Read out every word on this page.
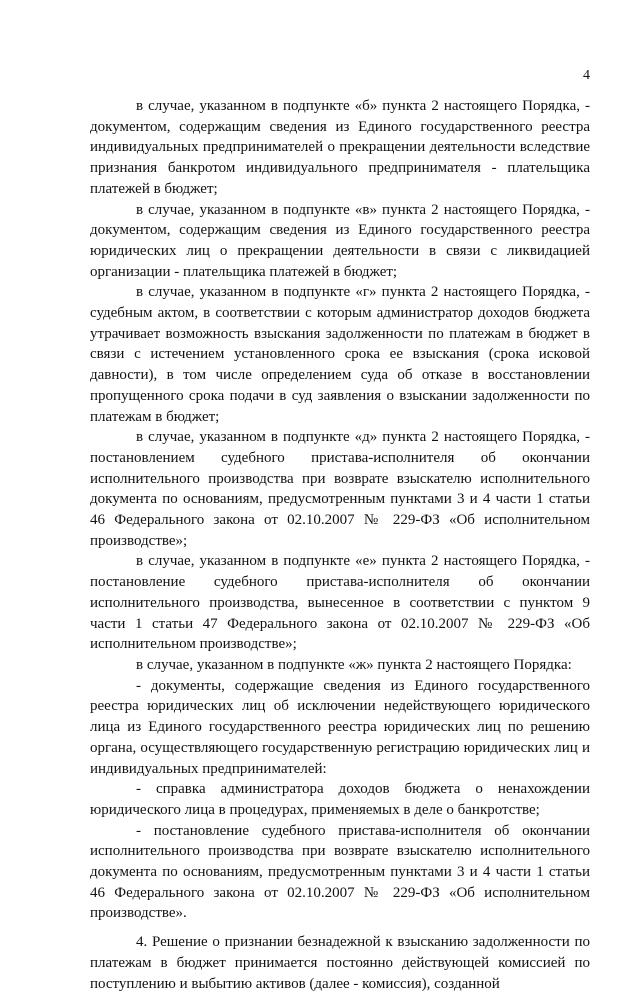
4

в случае, указанном в подпункте «б» пункта 2 настоящего Порядка, - документом, содержащим сведения из Единого государственного реестра индивидуальных предпринимателей о прекращении деятельности вследствие признания банкротом индивидуального предпринимателя - плательщика платежей в бюджет;

в случае, указанном в подпункте «в» пункта 2 настоящего Порядка, - документом, содержащим сведения из Единого государственного реестра юридических лиц о прекращении деятельности в связи с ликвидацией организации - плательщика платежей в бюджет;

в случае, указанном в подпункте «г» пункта 2 настоящего Порядка, - судебным актом, в соответствии с которым администратор доходов бюджета утрачивает возможность взыскания задолженности по платежам в бюджет в связи с истечением установленного срока ее взыскания (срока исковой давности), в том числе определением суда об отказе в восстановлении пропущенного срока подачи в суд заявления о взыскании задолженности по платежам в бюджет;

в случае, указанном в подпункте «д» пункта 2 настоящего Порядка, - постановлением судебного пристава-исполнителя об окончании исполнительного производства при возврате взыскателю исполнительного документа по основаниям, предусмотренным пунктами 3 и 4 части 1 статьи 46 Федерального закона от 02.10.2007 № 229-ФЗ «Об исполнительном производстве»;

в случае, указанном в подпункте «е» пункта 2 настоящего Порядка, - постановление судебного пристава-исполнителя об окончании исполнительного производства, вынесенное в соответствии с пунктом 9 части 1 статьи 47 Федерального закона от 02.10.2007 № 229-ФЗ «Об исполнительном производстве»;

в случае, указанном в подпункте «ж» пункта 2 настоящего Порядка:

- документы, содержащие сведения из Единого государственного реестра юридических лиц об исключении недействующего юридического лица из Единого государственного реестра юридических лиц по решению органа, осуществляющего государственную регистрацию юридических лиц и индивидуальных предпринимателей:

- справка администратора доходов бюджета о ненахождении юридического лица в процедурах, применяемых в деле о банкротстве;

- постановление судебного пристава-исполнителя об окончании исполнительного производства при возврате взыскателю исполнительного документа по основаниям, предусмотренным пунктами 3 и 4 части 1 статьи 46 Федерального закона от 02.10.2007 № 229-ФЗ «Об исполнительном производстве».

4. Решение о признании безнадежной к взысканию задолженности по платежам в бюджет принимается постоянно действующей комиссией по поступлению и выбытию активов (далее - комиссия), созданной
